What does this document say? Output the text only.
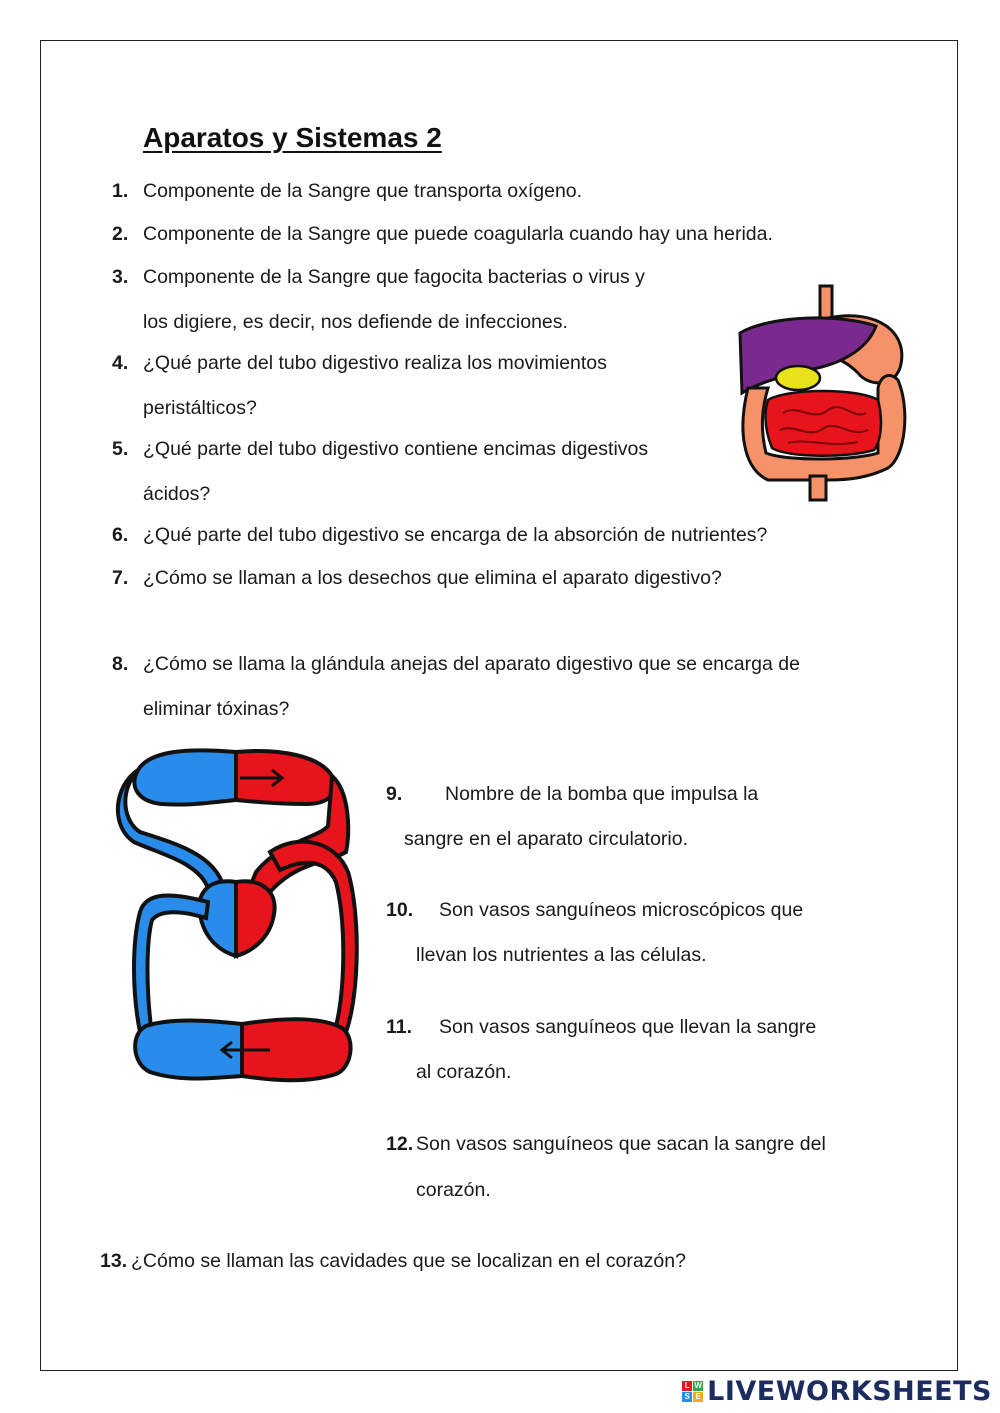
Aparatos y Sistemas 2
1. Componente de la Sangre que transporta oxígeno.
2. Componente de la Sangre que puede coagularla cuando hay una herida.
3. Componente de la Sangre que fagocita bacterias o virus y
los digiere, es decir, nos defiende de infecciones.
4. ¿Qué parte del tubo digestivo realiza los movimientos
peristálticos?
5. ¿Qué parte del tubo digestivo contiene encimas digestivos
ácidos?
6. ¿Qué parte del tubo digestivo se encarga de la absorción de nutrientes?
7. ¿Cómo se llaman a los desechos que elimina el aparato digestivo?
8. ¿Cómo se llama la glándula anejas del aparato digestivo que se encarga de
eliminar tóxinas?
9. Nombre de la bomba que impulsa la
sangre en el aparato circulatorio.
10. Son vasos sanguíneos microscópicos que
llevan los nutrientes a las células.
11. Son vasos sanguíneos que llevan la sangre
al corazón.
12. Son vasos sanguíneos que sacan la sangre del
corazón.
13. ¿Cómo se llaman las cavidades que se localizan en el corazón?
L W
S E LIVEWORKSHEETS
